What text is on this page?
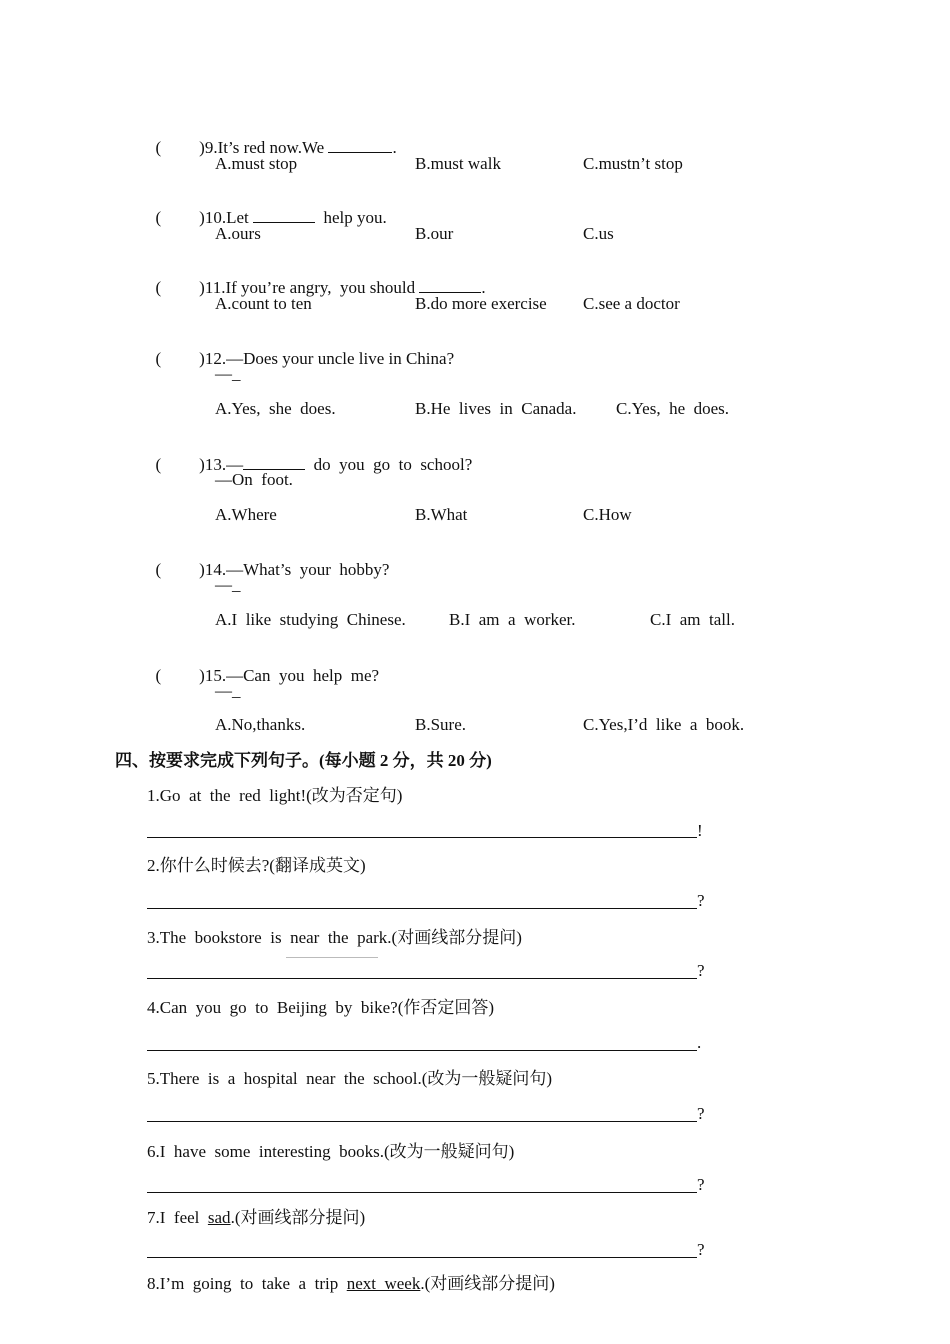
( )9.It’s red now.We	.

A.must stop	B.must walk	C.mustn’t stop

( )10.Let	help you.

A.ours	B.our	C.us

( )11.If you’re angry,  you should	.

A.count to ten	B.do more exercise C.see a doctor

( )12.—Does your uncle live in China?

—_
A.Yes,  she  does.	B.He  lives  in  Canada. C.Yes,  he  does.

( )13.—	do  you  go  to  school?

—On  foot.
A.Where	B.What	C.How

( )14.—What’s  your  hobby?

—_
A.I  like  studying  Chinese.	B.I  am  a  worker.	C.I  am  tall.

( )15.—Can  you  help  me?

—_
A.No,thanks.	B.Sure.	C.Yes,I’d  like  a  book.
四、按要求完成下列句子。(每小题 2 分，共 20 分)
1.Go  at  the  red  light!(改为否定句)
!
2.你什么时候去?(翻译成英文)
?
3.The  bookstore  is  near  the  park.(对画线部分提问)
?
4.Can  you  go  to  Beijing  by  bike?(作否定回答)
.
5.There  is  a  hospital  near  the  school.(改为一般疑问句)
?
6.I  have  some  interesting  books.(改为一般疑问句)
?
7.I  feel  sad.(对画线部分提问)
?
8.I’m  going  to  take  a  trip  next  week.(对画线部分提问)
